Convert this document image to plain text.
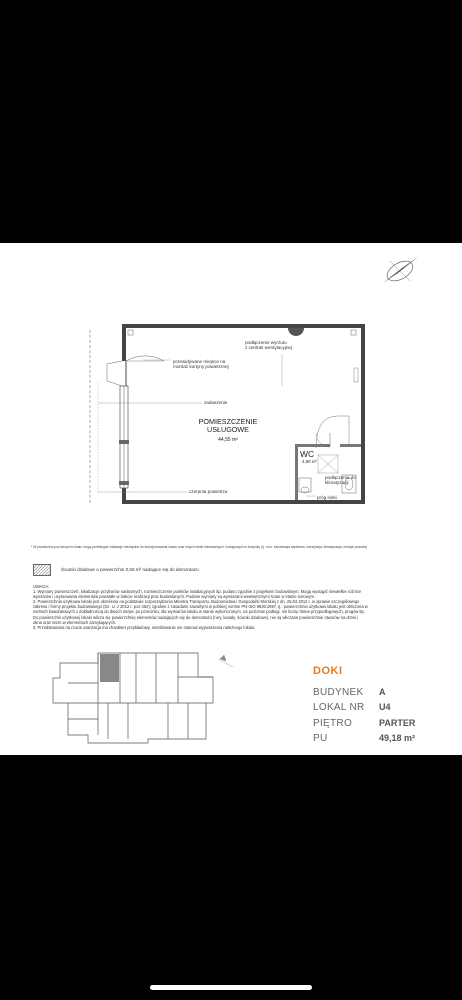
podłączenie wyrzutu
z centrali wentylacyjnej
przewidywane miejsce na
montaż kurtyny powietrznej
zadaszenie
czerpnia powietrza
podłączenie do
klimatyzacji
próg niski
POMIESZCZENIE
USŁUGOWE
44,55 m²
WC
4,98 m²
* W przestrzeni pod stropem lokalu mogą przebiegać instalacje niezbędne do funkcjonowania lokalu oraz innych lokali mieszkalnych i usługowych w budynku (tj. m.in. kanalizacja sanitarna, wentylacja, klimatyzacja, rewizje powodu)
Ścianki działowe o powierzchni 0,55 m² nadające się do demontażu
UWAGA:
1. Wymiary pomieszczeń, lokalizacje przyborów sanitarnych, rozmieszczenie punktów instalacyjnych itp. podano zgodnie z projektem budowlanym. Mogą wystąpić niewielkie różnice
wymiarów i usytuowania elementów powstałe w trakcie realizacji prac budowlanych. Podane wymiary są wymiarami wewnętrznymi ścian w stanie surowym.
2. Powierzchnia użytkowa lokalu jest określona na podstawie rozporządzenia Ministra Transportu, Budownictwa i Gospodarki Morskiej z dn. 25.04.2012 r. w sprawie szczegółowego
zakresu i formy projektu budowlanego (Dz. U. z 2012 r. poz 462); zgodnie z zasadami zawartymi w polskiej normie PN-ISO 9836:1997, tj.: powierzchnia użytkowa lokalu jest obliczona w
metrach kwadratowych z dokładnością do dwóch miejsc po przecinku, dla wymiarów lokalu w stanie wykończonym, na poziomie podłogi, nie licząc listew przypodłogowych, progów itp.
Do powierzchni użytkowej lokalu wlicza się powierzchnię elementów nadających się do demontażu (rury, kanały, ścianki działowe), nie są wliczane powierzchnie otworów na drzwi i
okna oraz nisze w elementach zamykających.
3. Przedstawiona na rzucie aranżacja ma charakter przykładowy, umeblowanie nie stanowi wyposażenia należnego lokalu.
DOKI
BUDYNEK	A
LOKAL NR	U4
PIĘTRO	PARTER
PU	49,18 m²
